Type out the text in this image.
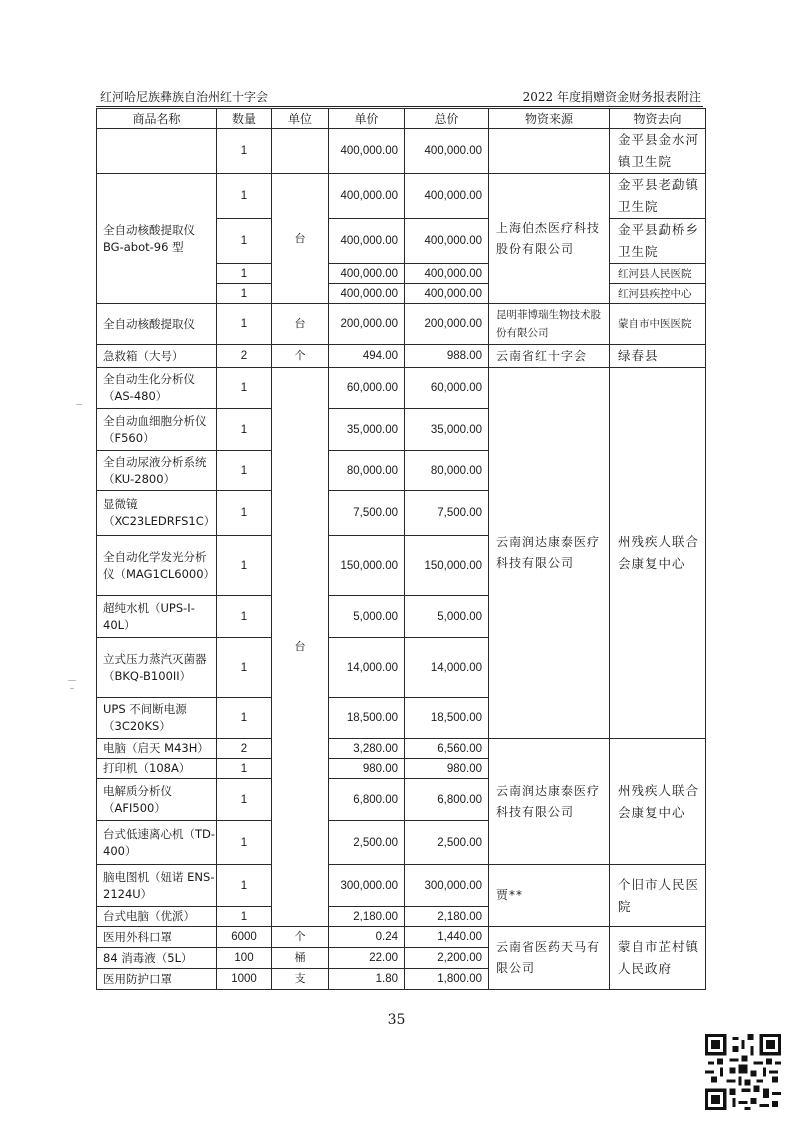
红河哈尼族彝族自治州红十字会	2022 年度捐赠资金财务报表附注
商品名称	数量	单位	单价	总价	物资来源	物资去向
	1		400,000.00	400,000.00		金平县金水河镇卫生院
全自动核酸提取仪 BG-abot-96 型	1	台	400,000.00	400,000.00	上海伯杰医疗科技股份有限公司	金平县老勐镇卫生院
	1		400,000.00	400,000.00		金平县勐桥乡卫生院
	1		400,000.00	400,000.00		红河县人民医院
	1		400,000.00	400,000.00		红河县疾控中心
全自动核酸提取仪	1	台	200,000.00	200,000.00	昆明菲博瑞生物技术股份有限公司	蒙自市中医医院
急救箱（大号）	2	个	494.00	988.00	云南省红十字会	绿春县
全自动生化分析仪（AS-480）	1	台	60,000.00	60,000.00	云南润达康泰医疗科技有限公司	州残疾人联合会康复中心
全自动血细胞分析仪（F560）	1		35,000.00	35,000.00		
全自动尿液分析系统（KU-2800）	1		80,000.00	80,000.00		
显微镜（XC23LEDRFS1C）	1		7,500.00	7,500.00		
全自动化学发光分析仪（MAG1CL6000）	1		150,000.00	150,000.00		
超纯水机（UPS-I-40L）	1		5,000.00	5,000.00		
立式压力蒸汽灭菌器（BKQ-B100II）	1		14,000.00	14,000.00		
UPS 不间断电源（3C20KS）	1		18,500.00	18,500.00		
电脑（启天 M43H）	2		3,280.00	6,560.00	云南润达康泰医疗科技有限公司	州残疾人联合会康复中心
打印机（108A）	1		980.00	980.00		
电解质分析仪（AFI500）	1		6,800.00	6,800.00		
台式低速离心机（TD-400）	1		2,500.00	2,500.00		
脑电图机（妞诺 ENS-2124U）	1		300,000.00	300,000.00	贾**	个旧市人民医院
台式电脑（优派）	1		2,180.00	2,180.00		
医用外科口罩	6000	个	0.24	1,440.00	云南省医药天马有限公司	蒙自市芷村镇人民政府
84 消毒液（5L）	100	桶	22.00	2,200.00		
医用防护口罩	1000	支	1.80	1,800.00		
35
